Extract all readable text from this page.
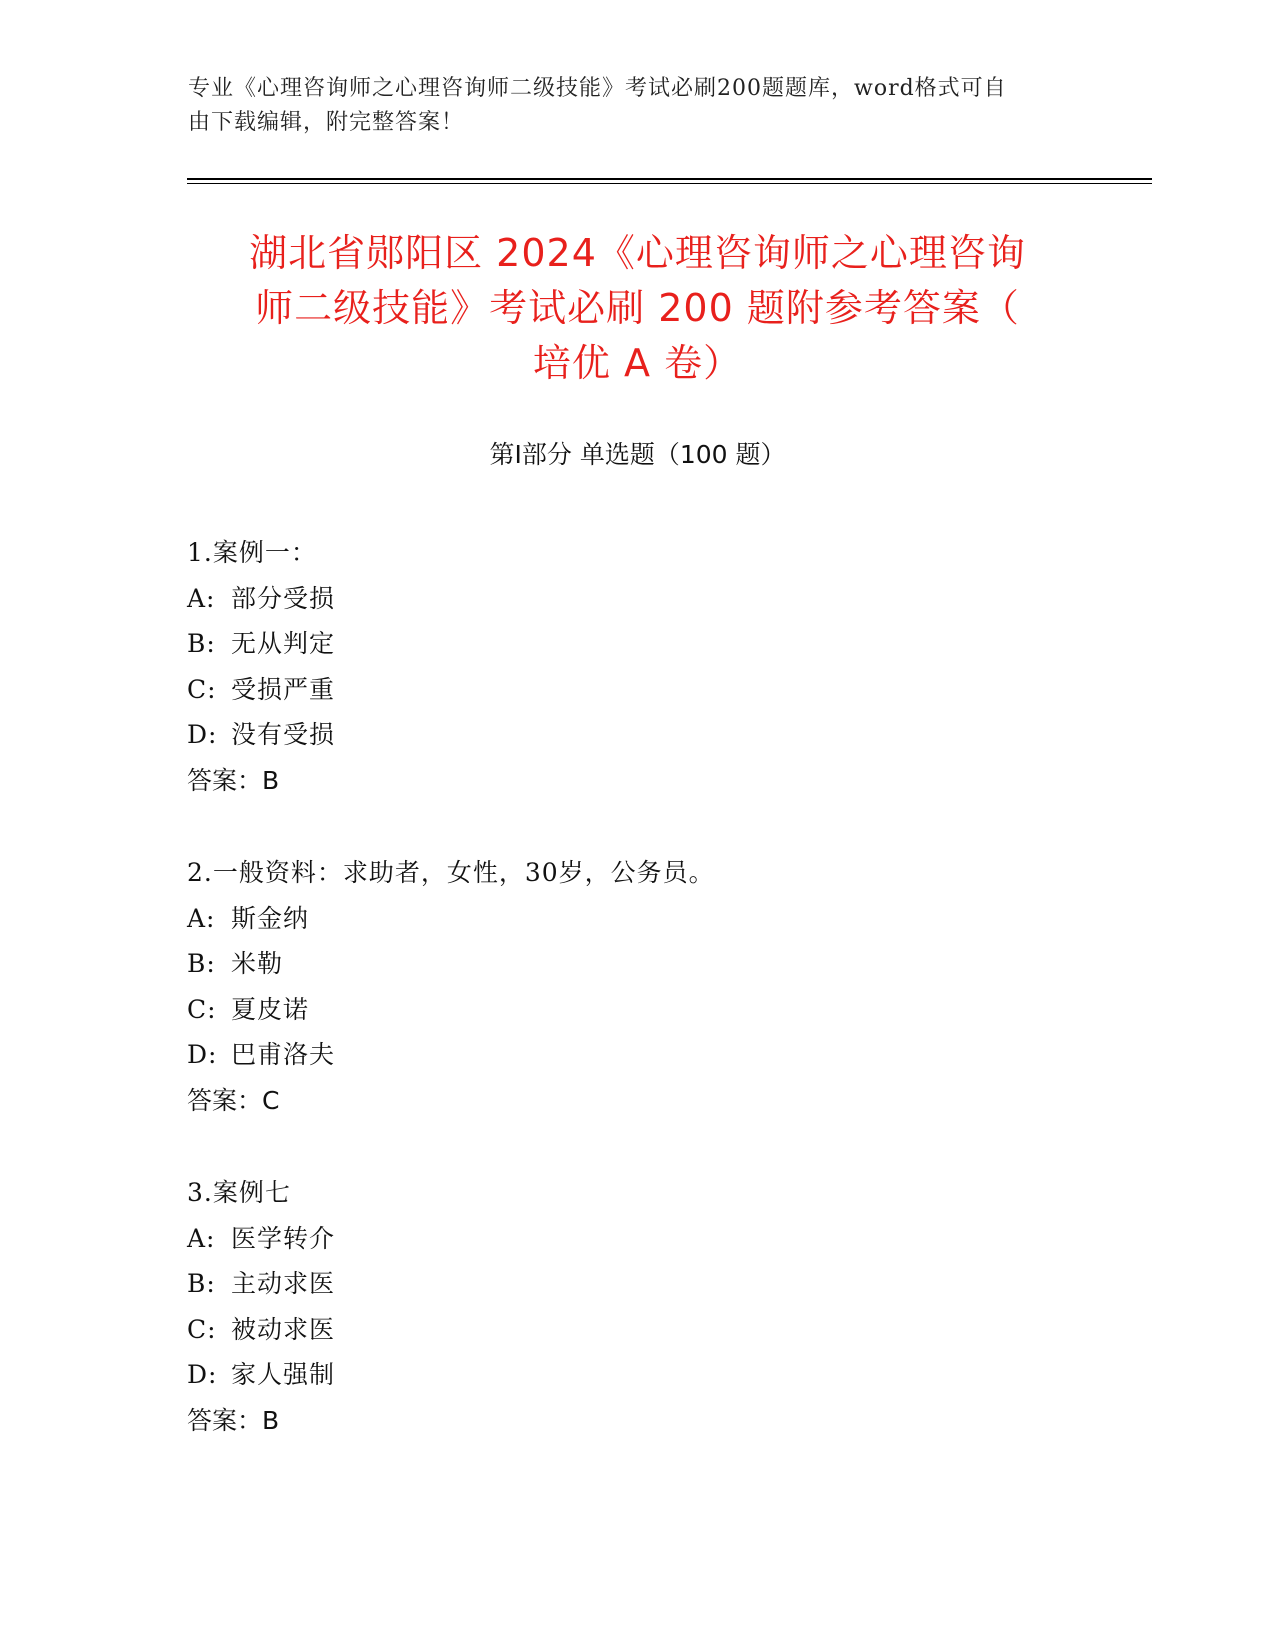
专业《心理咨询师之心理咨询师二级技能》考试必刷200题题库，word格式可自
由下载编辑，附完整答案！
湖北省郧阳区 2024《心理咨询师之心理咨询
师二级技能》考试必刷 200 题附参考答案（
培优 A 卷）
第Ⅰ部分 单选题（100 题）
1.案例一：
A: 部分受损
B: 无从判定
C: 受损严重
D: 没有受损
答案：B
2.一般资料：求助者，女性，30岁，公务员。
A: 斯金纳
B: 米勒
C: 夏皮诺
D: 巴甫洛夫
答案：C
3.案例七
A: 医学转介
B: 主动求医
C: 被动求医
D: 家人强制
答案：B
